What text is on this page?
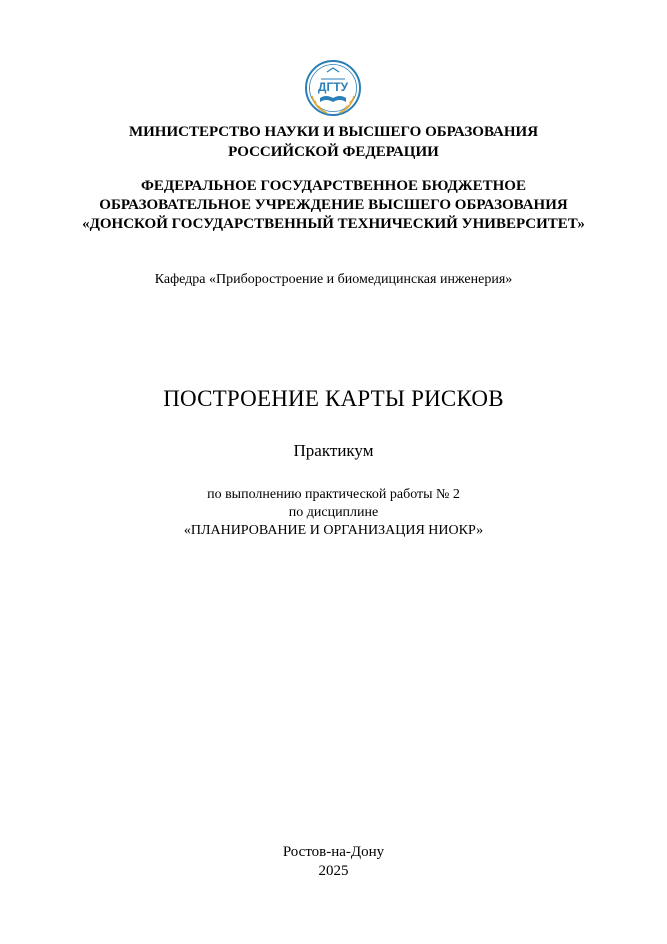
ДГТУ
МИНИСТЕРСТВО НАУКИ И ВЫСШЕГО ОБРАЗОВАНИЯ
РОССИЙСКОЙ ФЕДЕРАЦИИ
ФЕДЕРАЛЬНОЕ ГОСУДАРСТВЕННОЕ БЮДЖЕТНОЕ
ОБРАЗОВАТЕЛЬНОЕ УЧРЕЖДЕНИЕ ВЫСШЕГО ОБРАЗОВАНИЯ
«ДОНСКОЙ ГОСУДАРСТВЕННЫЙ ТЕХНИЧЕСКИЙ УНИВЕРСИТЕТ»
Кафедра «Приборостроение и биомедицинская инженерия»
ПОСТРОЕНИЕ КАРТЫ РИСКОВ
Практикум
по выполнению практической работы № 2
по дисциплине
«ПЛАНИРОВАНИЕ И ОРГАНИЗАЦИЯ НИОКР»
Ростов-на-Дону
2025
